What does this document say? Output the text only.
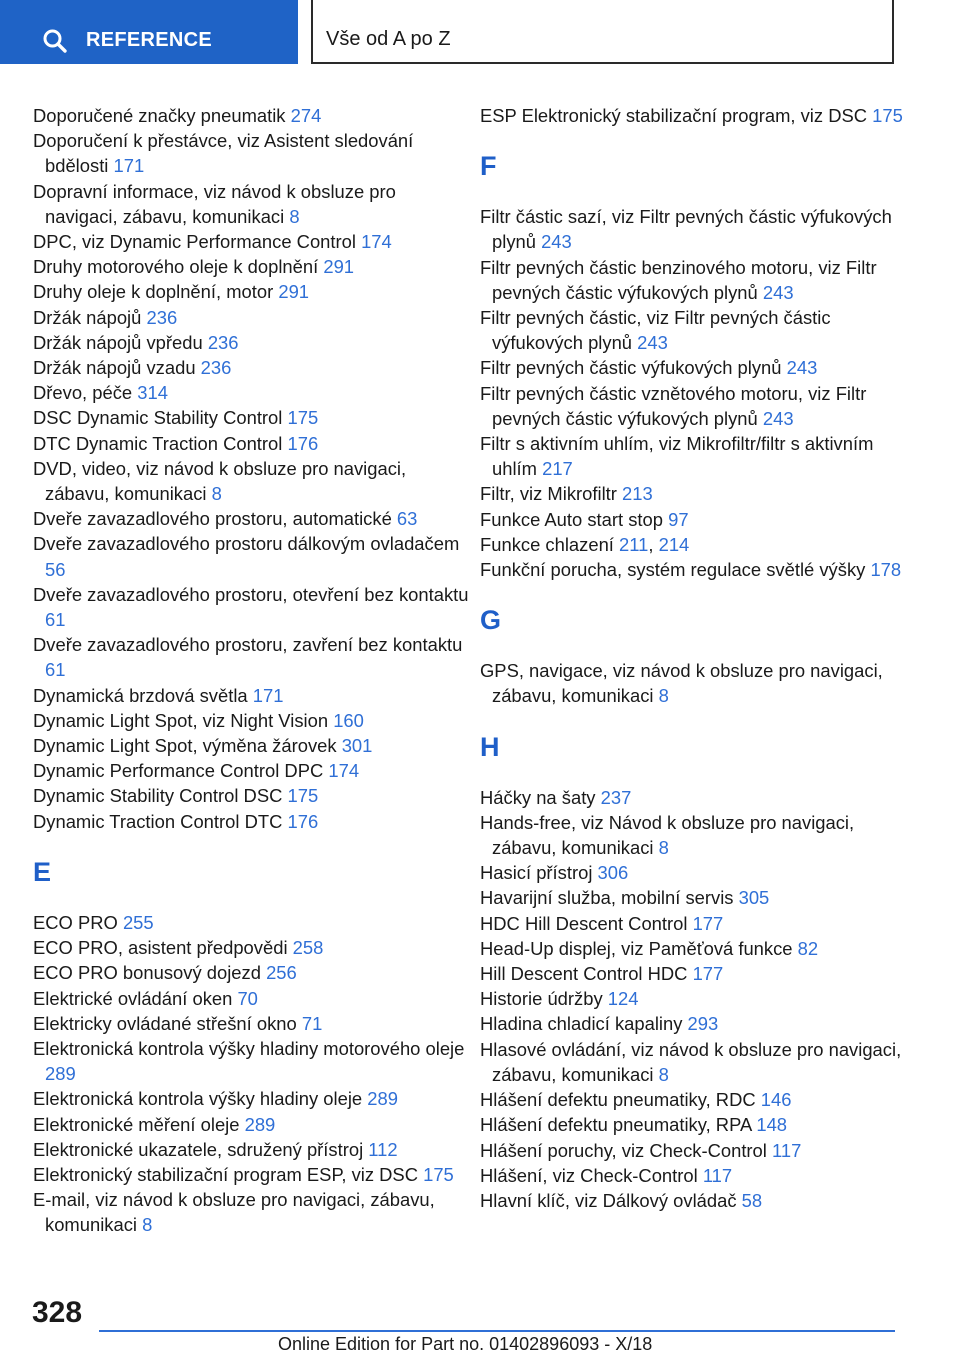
REFERENCE	Vše od A po Z
Doporučené značky pneumatik 274
Doporučení k přestávce, viz Asistent sledování bdělosti 171
Dopravní informace, viz návod k obsluze pro navigaci, zábavu, komunikaci 8
DPC, viz Dynamic Performance Control 174
Druhy motorového oleje k doplnění 291
Druhy oleje k doplnění, motor 291
Držák nápojů 236
Držák nápojů vpředu 236
Držák nápojů vzadu 236
Dřevo, péče 314
DSC Dynamic Stability Control 175
DTC Dynamic Traction Control 176
DVD, video, viz návod k obsluze pro navigaci, zábavu, komunikaci 8
Dveře zavazadlového prostoru, automatické 63
Dveře zavazadlového prostoru dálkovým ovladačem 56
Dveře zavazadlového prostoru, otevření bez kontaktu 61
Dveře zavazadlového prostoru, zavření bez kontaktu 61
Dynamická brzdová světla 171
Dynamic Light Spot, viz Night Vision 160
Dynamic Light Spot, výměna žárovek 301
Dynamic Performance Control DPC 174
Dynamic Stability Control DSC 175
Dynamic Traction Control DTC 176
E
ECO PRO 255
ECO PRO, asistent předpovědi 258
ECO PRO bonusový dojezd 256
Elektrické ovládání oken 70
Elektricky ovládané střešní okno 71
Elektronická kontrola výšky hladiny motorového oleje 289
Elektronická kontrola výšky hladiny oleje 289
Elektronické měření oleje 289
Elektronické ukazatele, sdružený přístroj 112
Elektronický stabilizační program ESP, viz DSC 175
E-mail, viz návod k obsluze pro navigaci, zábavu, komunikaci 8
ESP Elektronický stabilizační program, viz DSC 175
F
Filtr částic sazí, viz Filtr pevných částic výfukových plynů 243
Filtr pevných částic benzinového motoru, viz Filtr pevných částic výfukových plynů 243
Filtr pevných částic, viz Filtr pevných částic výfukových plynů 243
Filtr pevných částic výfukových plynů 243
Filtr pevných částic vznětového motoru, viz Filtr pevných částic výfukových plynů 243
Filtr s aktivním uhlím, viz Mikrofiltr/filtr s aktivním uhlím 217
Filtr, viz Mikrofiltr 213
Funkce Auto start stop 97
Funkce chlazení 211, 214
Funkční porucha, systém regulace světlé výšky 178
G
GPS, navigace, viz návod k obsluze pro navigaci, zábavu, komunikaci 8
H
Háčky na šaty 237
Hands-free, viz Návod k obsluze pro navigaci, zábavu, komunikaci 8
Hasicí přístroj 306
Havarijní služba, mobilní servis 305
HDC Hill Descent Control 177
Head-Up displej, viz Paměťová funkce 82
Hill Descent Control HDC 177
Historie údržby 124
Hladina chladicí kapaliny 293
Hlasové ovládání, viz návod k obsluze pro navigaci, zábavu, komunikaci 8
Hlášení defektu pneumatiky, RDC 146
Hlášení defektu pneumatiky, RPA 148
Hlášení poruchy, viz Check-Control 117
Hlášení, viz Check-Control 117
Hlavní klíč, viz Dálkový ovládač 58
328
Online Edition for Part no. 01402896093 - X/18
